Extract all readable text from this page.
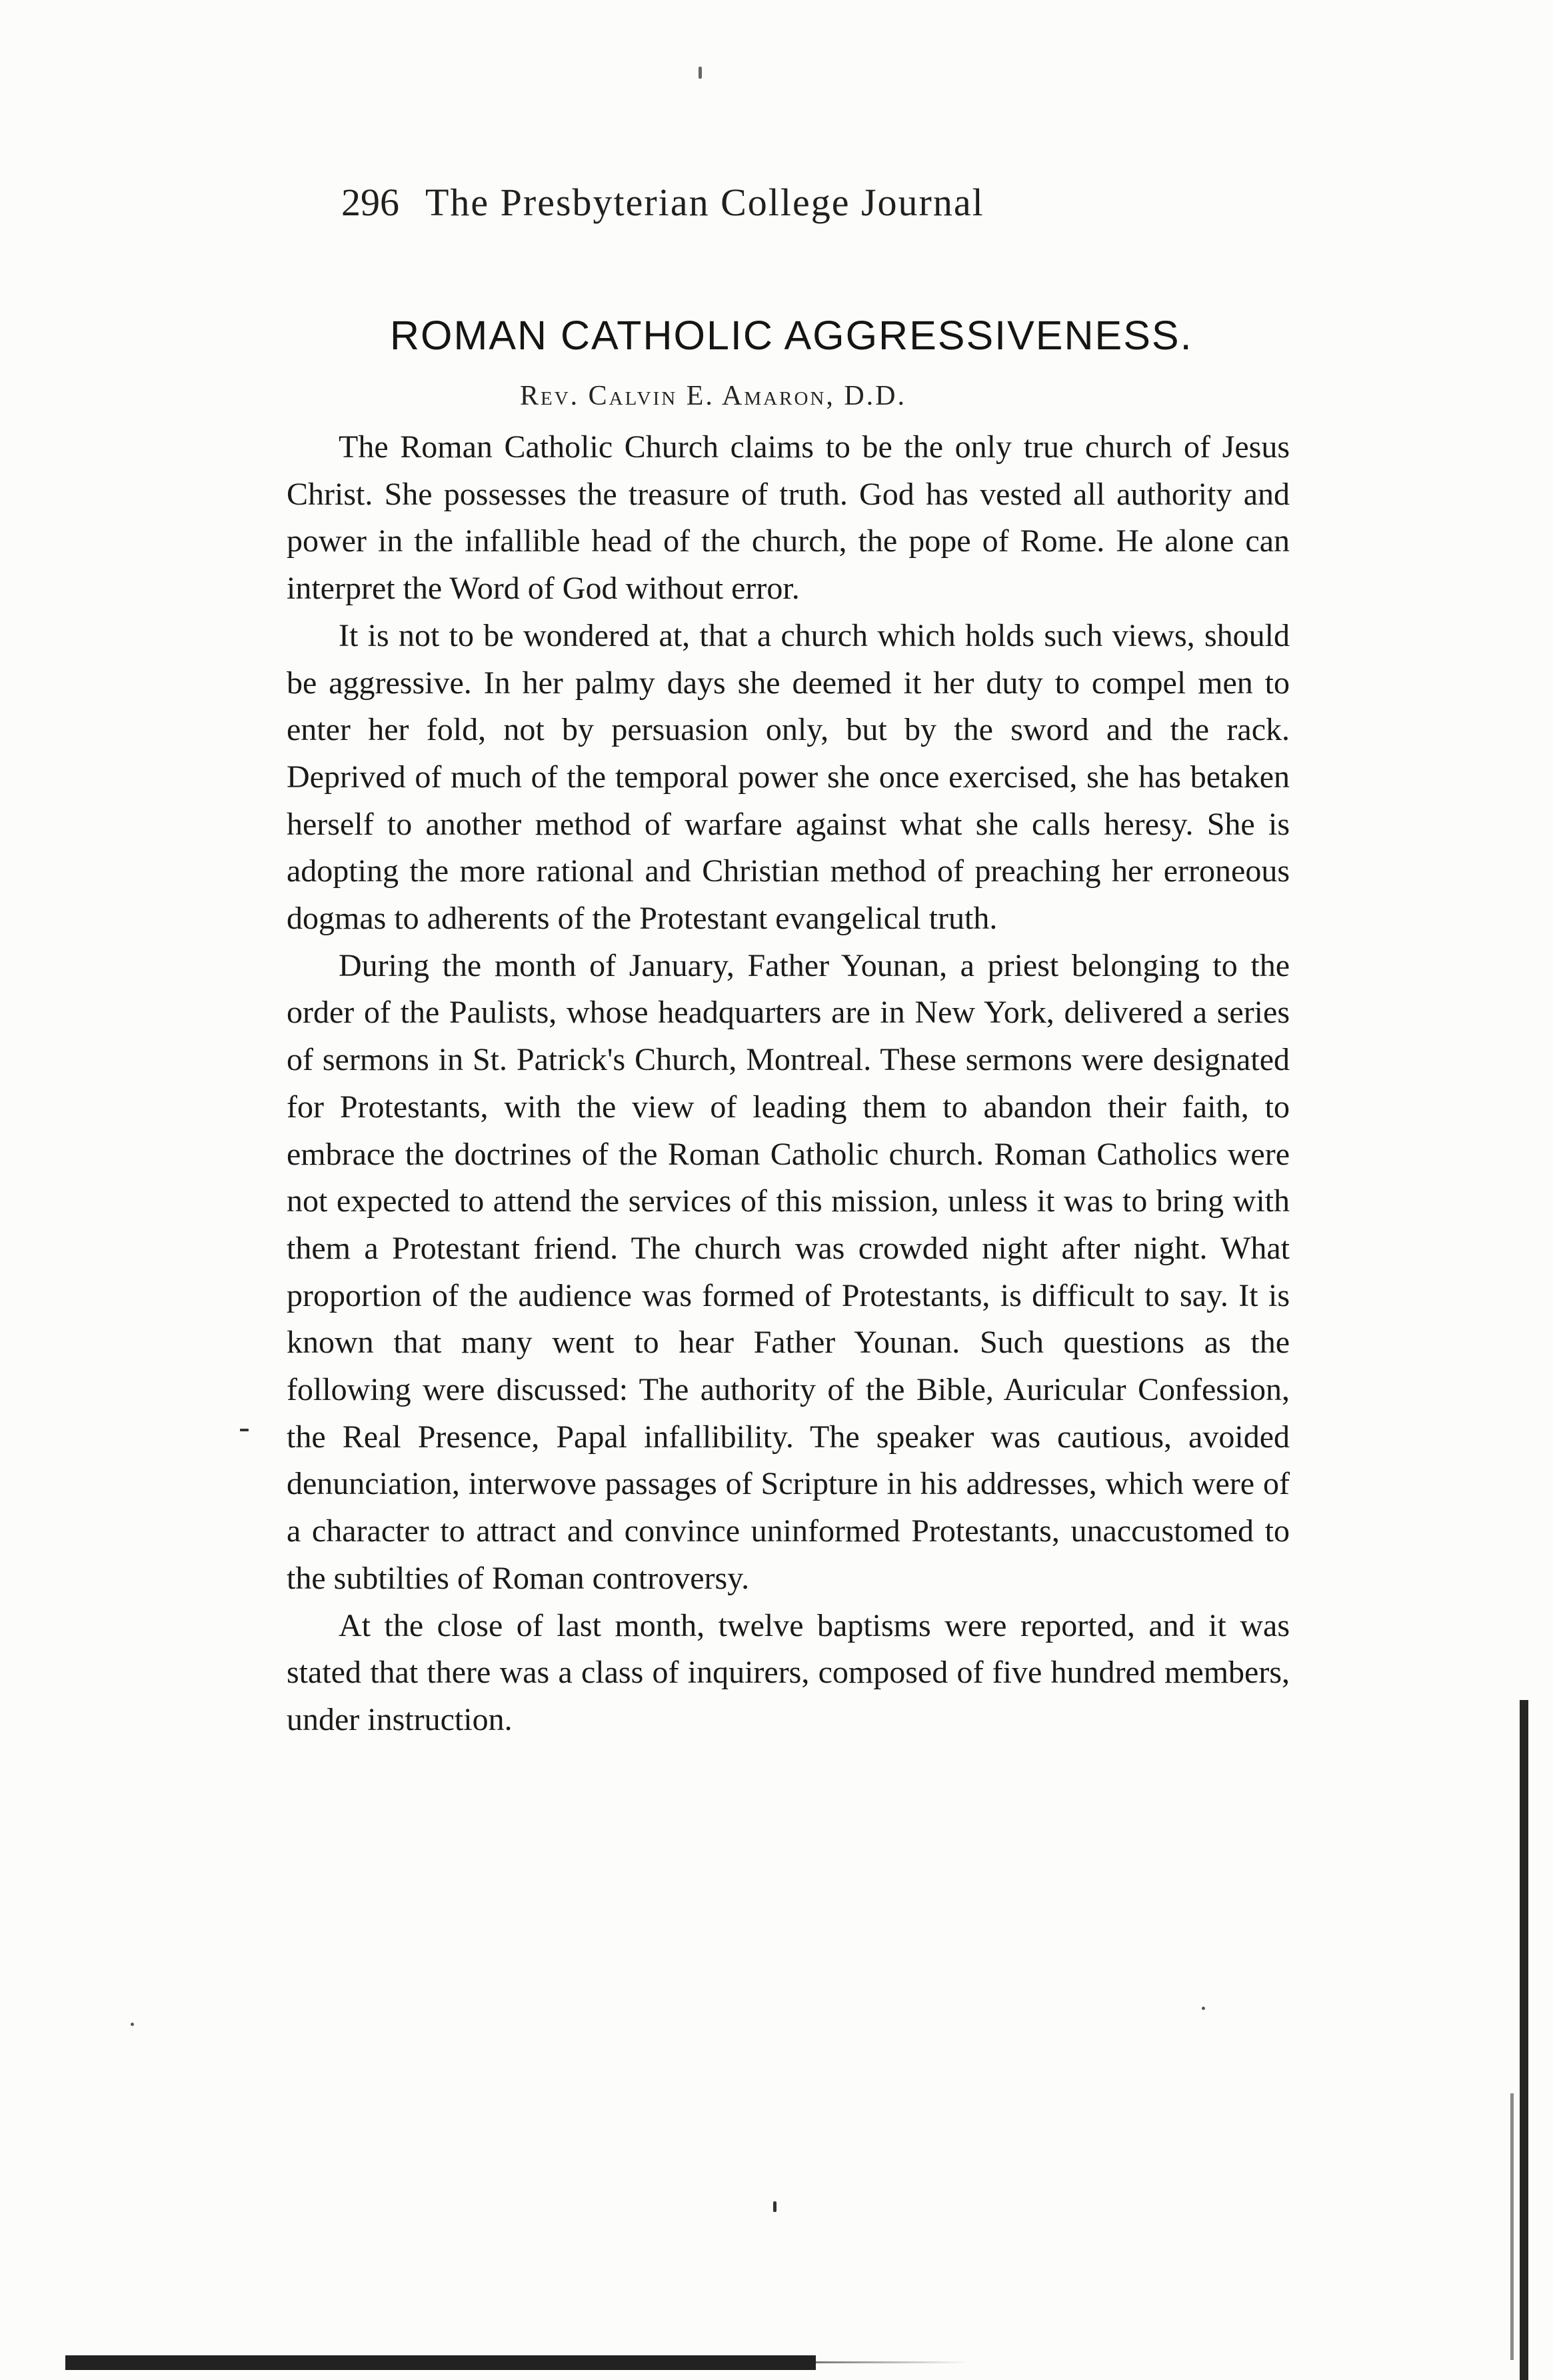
296 The Presbyterian College Journal
ROMAN CATHOLIC AGGRESSIVENESS.
Rev. Calvin E. Amaron, D.D.

The Roman Catholic Church claims to be the only true church of Jesus Christ. She possesses the treasure of truth. God has vested all authority and power in the infallible head of the church, the pope of Rome. He alone can interpret the Word of God without error.

It is not to be wondered at, that a church which holds such views, should be aggressive. In her palmy days she deemed it her duty to compel men to enter her fold, not by persuasion only, but by the sword and the rack. Deprived of much of the temporal power she once exercised, she has betaken herself to another method of warfare against what she calls heresy. She is adopting the more rational and Christian method of preaching her erroneous dogmas to adherents of the Protestant evangelical truth.

During the month of January, Father Younan, a priest belonging to the order of the Paulists, whose headquarters are in New York, delivered a series of sermons in St. Patrick's Church, Montreal. These sermons were designated for Protestants, with the view of leading them to abandon their faith, to embrace the doctrines of the Roman Catholic church. Roman Catholics were not expected to attend the services of this mission, unless it was to bring with them a Protestant friend. The church was crowded night after night. What proportion of the audience was formed of Protestants, is difficult to say. It is known that many went to hear Father Younan. Such questions as the following were discussed: The authority of the Bible, Auricular Confession, the Real Presence, Papal infallibility. The speaker was cautious, avoided denunciation, interwove passages of Scripture in his addresses, which were of a character to attract and convince uninformed Protestants, unaccustomed to the subtilties of Roman controversy.

At the close of last month, twelve baptisms were reported, and it was stated that there was a class of inquirers, composed of five hundred members, under instruction.
